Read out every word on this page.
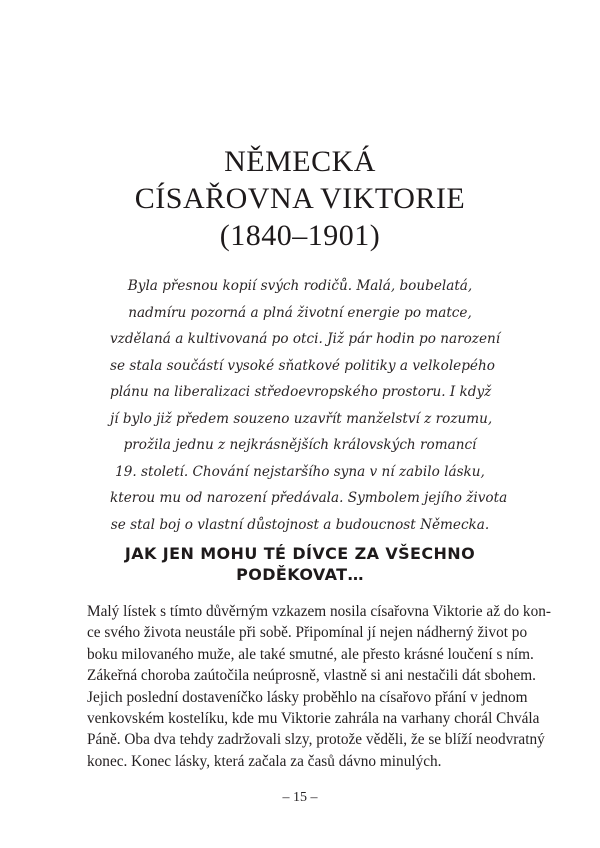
NĚMECKÁ
CÍSAŘOVNA VIKTORIE
(1840–1901)
Byla přesnou kopií svých rodičů. Malá, boubelatá,
nadmíru pozorná a plná životní energie po matce,
vzdělaná a kultivovaná po otci. Již pár hodin po narození
se stala součástí vysoké sňatkové politiky a velkolepého
plánu na liberalizaci středoevropského prostoru. I když
jí bylo již předem souzeno uzavřít manželství z rozumu,
prožila jednu z nejkrásnějších královských romancí
19. století. Chování nejstaršího syna v ní zabilo lásku,
kterou mu od narození předávala. Symbolem jejího života
se stal boj o vlastní důstojnost a budoucnost Německa.
JAK JEN MOHU TÉ DÍVCE ZA VŠECHNO
PODĚKOVAT…
Malý lístek s tímto důvěrným vzkazem nosila císařovna Viktorie až do kon-
ce svého života neustále při sobě. Připomínal jí nejen nádherný život po
boku milovaného muže, ale také smutné, ale přesto krásné loučení s ním.
Zákeřná choroba zaútočila neúprosně, vlastně si ani nestačili dát sbohem.
Jejich poslední dostaveníčko lásky proběhlo na císařovo přání v jednom
venkovském kostelíku, kde mu Viktorie zahrála na varhany chorál Chvála
Páně. Oba dva tehdy zadržovali slzy, protože věděli, že se blíží neodvratný
konec. Konec lásky, která začala za časů dávno minulých.
– 15 –
